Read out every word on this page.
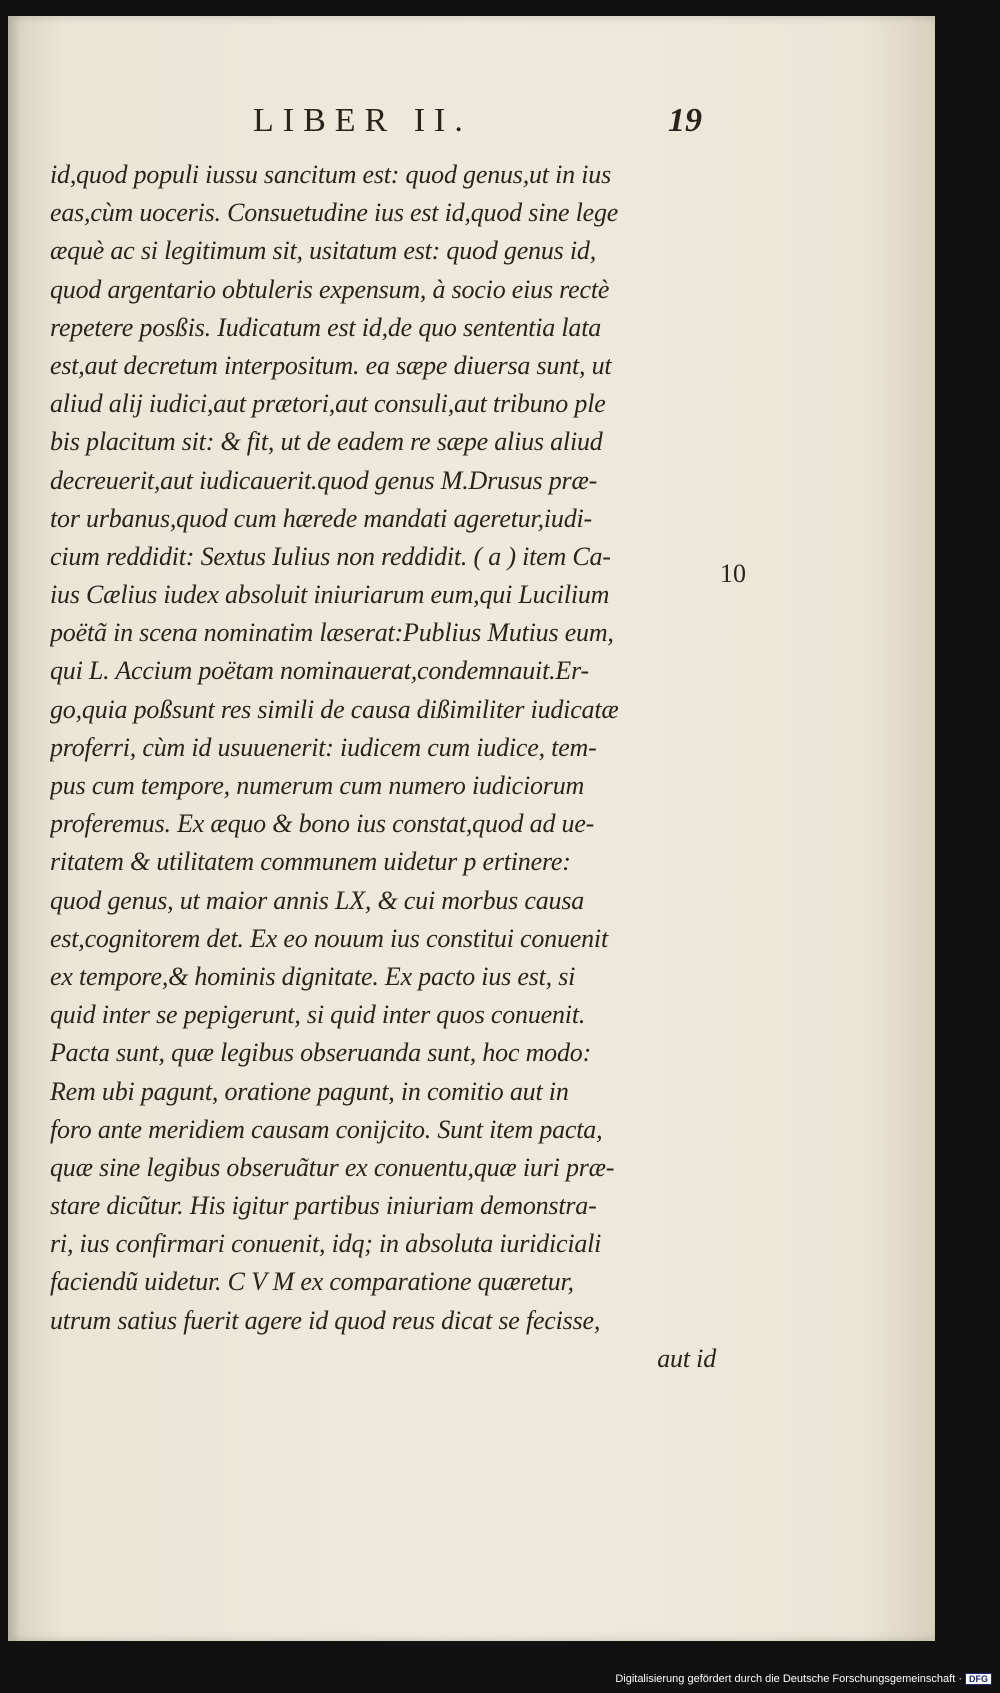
LIBER II.	19
id,quod populi iussu sancitum est: quod genus,ut in ius
eas,cùm uoceris. Consuetudine ius est id,quod sine lege
æquè ac si legitimum sit, usitatum est: quod genus id,
quod argentario obtuleris expensum, à socio eius rectè
repetere posßis. Iudicatum est id,de quo sententia lata
est,aut decretum interpositum. ea sæpe diuersa sunt, ut
aliud alij iudici,aut prætori,aut consuli,aut tribuno ple
bis placitum sit: & fit, ut de eadem re sæpe alius aliud
decreuerit,aut iudicauerit.quod genus M.Drusus præ-
tor urbanus,quod cum hærede mandati ageretur,iudi-
cium reddidit: Sextus Iulius non reddidit. ( a ) item Ca-
ius Cælius iudex absoluit iniuriarum eum,qui Lucilium
poëtã in scena nominatim læserat:Publius Mutius eum,
qui L. Accium poëtam nominauerat,condemnauit.Er-
go,quia poßsunt res simili de causa dißimiliter iudicatæ
proferri, cùm id usuuenerit: iudicem cum iudice, tem-
pus cum tempore, numerum cum numero iudiciorum
proferemus. Ex æquo & bono ius constat,quod ad ue-
ritatem & utilitatem communem uidetur p ertinere:
quod genus, ut maior annis LX, & cui morbus causa
est,cognitorem det. Ex eo nouum ius constitui conuenit
ex tempore,& hominis dignitate. Ex pacto ius est, si
quid inter se pepigerunt, si quid inter quos conuenit.
Pacta sunt, quæ legibus obseruanda sunt, hoc modo:
Rem ubi pagunt, oratione pagunt, in comitio aut in
foro ante meridiem causam conijcito. Sunt item pacta,
quæ sine legibus obseruãtur ex conuentu,quæ iuri præ-
stare dicũtur. His igitur partibus iniuriam demonstra-
ri, ius confirmari conuenit, idq; in absoluta iuridiciali
faciendũ uidetur. C V M ex comparatione quæretur,
utrum satius fuerit agere id quod reus dicat se fecisse,
aut id
10
Digitalisierung gefördert durch die Deutsche Forschungsgemeinschaft · DFG
